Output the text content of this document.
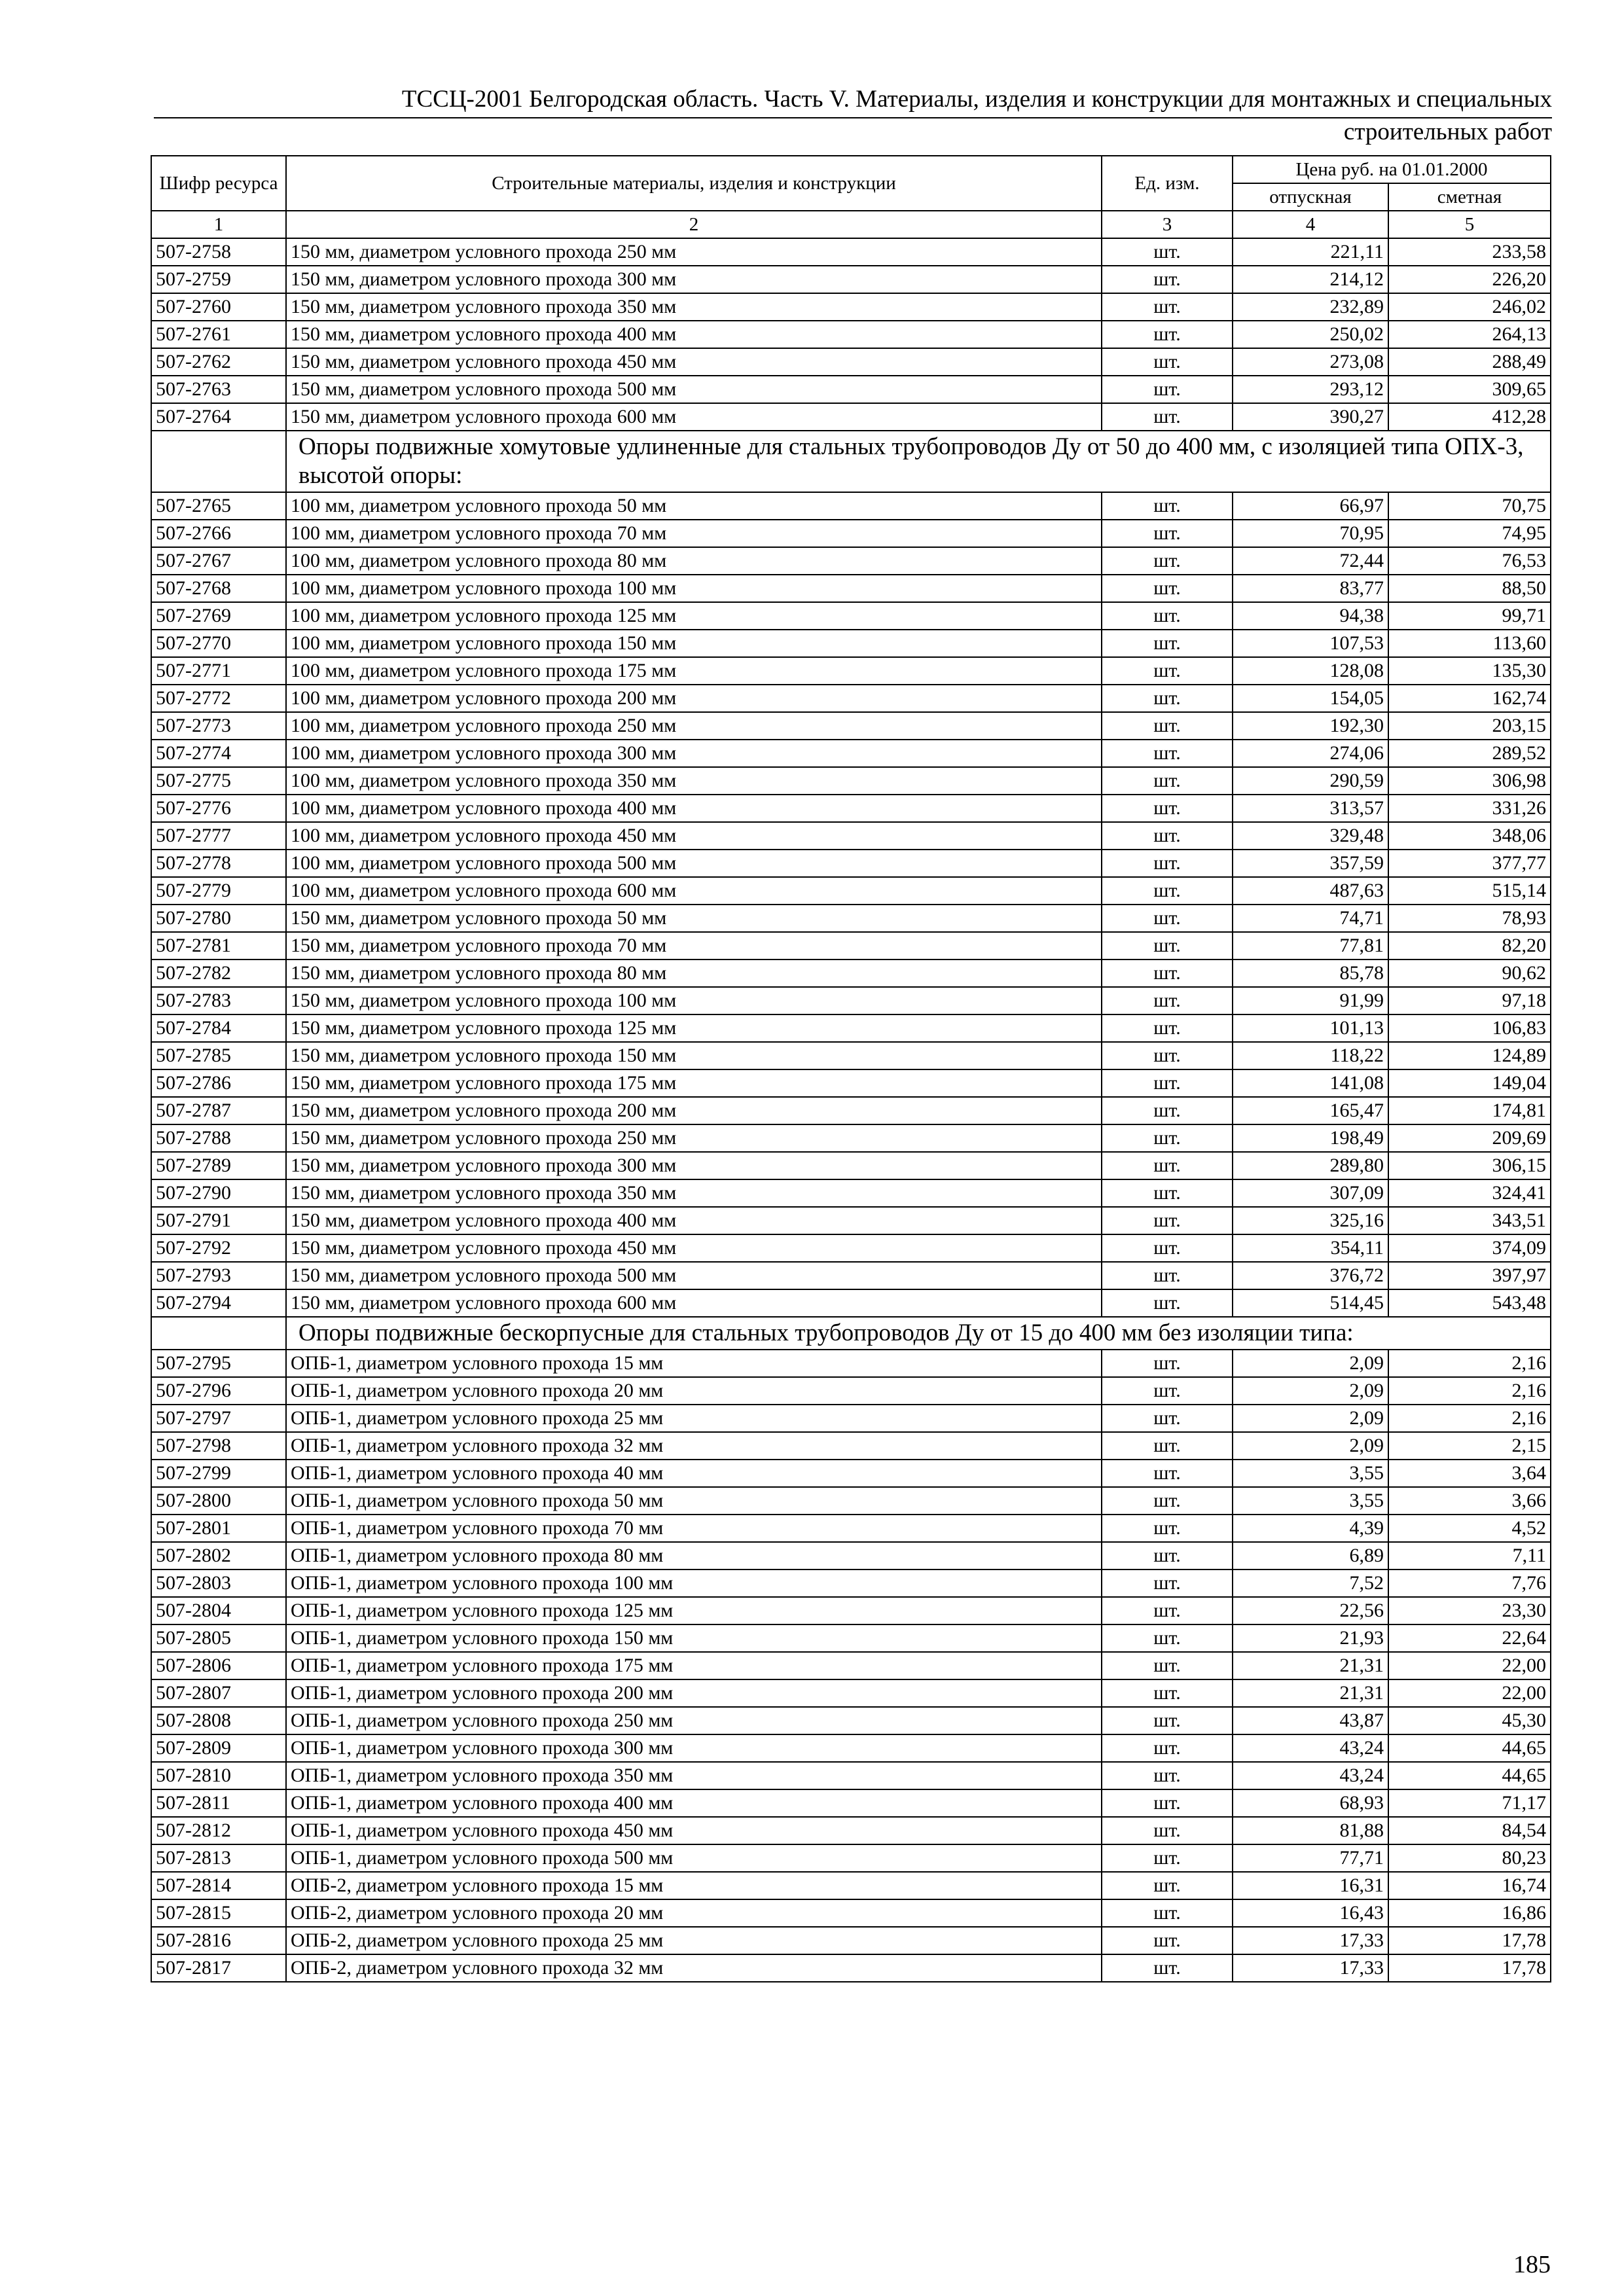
ТССЦ-2001 Белгородская область. Часть V. Материалы, изделия и конструкции для монтажных и специальных
строительных работ
Шифр ресурса	Строительные материалы, изделия и конструкции	Ед. изм.	Цена руб. на 01.01.2000	
			отпускная	сметная
1	2	3	4	5
507-2758	150 мм, диаметром условного прохода 250 мм	шт.	221,11	233,58
507-2759	150 мм, диаметром условного прохода 300 мм	шт.	214,12	226,20
507-2760	150 мм, диаметром условного прохода 350 мм	шт.	232,89	246,02
507-2761	150 мм, диаметром условного прохода 400 мм	шт.	250,02	264,13
507-2762	150 мм, диаметром условного прохода 450 мм	шт.	273,08	288,49
507-2763	150 мм, диаметром условного прохода 500 мм	шт.	293,12	309,65
507-2764	150 мм, диаметром условного прохода 600 мм	шт.	390,27	412,28
	Опоры подвижные хомутовые удлиненные для стальных трубопроводов Ду от 50 до 400 мм, с изоляцией типа ОПХ-3, высотой опоры:			
507-2765	100 мм, диаметром условного прохода 50 мм	шт.	66,97	70,75
507-2766	100 мм, диаметром условного прохода 70 мм	шт.	70,95	74,95
507-2767	100 мм, диаметром условного прохода 80 мм	шт.	72,44	76,53
507-2768	100 мм, диаметром условного прохода 100 мм	шт.	83,77	88,50
507-2769	100 мм, диаметром условного прохода 125 мм	шт.	94,38	99,71
507-2770	100 мм, диаметром условного прохода 150 мм	шт.	107,53	113,60
507-2771	100 мм, диаметром условного прохода 175 мм	шт.	128,08	135,30
507-2772	100 мм, диаметром условного прохода 200 мм	шт.	154,05	162,74
507-2773	100 мм, диаметром условного прохода 250 мм	шт.	192,30	203,15
507-2774	100 мм, диаметром условного прохода 300 мм	шт.	274,06	289,52
507-2775	100 мм, диаметром условного прохода 350 мм	шт.	290,59	306,98
507-2776	100 мм, диаметром условного прохода 400 мм	шт.	313,57	331,26
507-2777	100 мм, диаметром условного прохода 450 мм	шт.	329,48	348,06
507-2778	100 мм, диаметром условного прохода 500 мм	шт.	357,59	377,77
507-2779	100 мм, диаметром условного прохода 600 мм	шт.	487,63	515,14
507-2780	150 мм, диаметром условного прохода 50 мм	шт.	74,71	78,93
507-2781	150 мм, диаметром условного прохода 70 мм	шт.	77,81	82,20
507-2782	150 мм, диаметром условного прохода 80 мм	шт.	85,78	90,62
507-2783	150 мм, диаметром условного прохода 100 мм	шт.	91,99	97,18
507-2784	150 мм, диаметром условного прохода 125 мм	шт.	101,13	106,83
507-2785	150 мм, диаметром условного прохода 150 мм	шт.	118,22	124,89
507-2786	150 мм, диаметром условного прохода 175 мм	шт.	141,08	149,04
507-2787	150 мм, диаметром условного прохода 200 мм	шт.	165,47	174,81
507-2788	150 мм, диаметром условного прохода 250 мм	шт.	198,49	209,69
507-2789	150 мм, диаметром условного прохода 300 мм	шт.	289,80	306,15
507-2790	150 мм, диаметром условного прохода 350 мм	шт.	307,09	324,41
507-2791	150 мм, диаметром условного прохода 400 мм	шт.	325,16	343,51
507-2792	150 мм, диаметром условного прохода 450 мм	шт.	354,11	374,09
507-2793	150 мм, диаметром условного прохода 500 мм	шт.	376,72	397,97
507-2794	150 мм, диаметром условного прохода 600 мм	шт.	514,45	543,48
	Опоры подвижные бескорпусные для стальных трубопроводов Ду от 15 до 400 мм без изоляции типа:			
507-2795	ОПБ-1, диаметром условного прохода 15 мм	шт.	2,09	2,16
507-2796	ОПБ-1, диаметром условного прохода 20 мм	шт.	2,09	2,16
507-2797	ОПБ-1, диаметром условного прохода 25 мм	шт.	2,09	2,16
507-2798	ОПБ-1, диаметром условного прохода 32 мм	шт.	2,09	2,15
507-2799	ОПБ-1, диаметром условного прохода 40 мм	шт.	3,55	3,64
507-2800	ОПБ-1, диаметром условного прохода 50 мм	шт.	3,55	3,66
507-2801	ОПБ-1, диаметром условного прохода 70 мм	шт.	4,39	4,52
507-2802	ОПБ-1, диаметром условного прохода 80 мм	шт.	6,89	7,11
507-2803	ОПБ-1, диаметром условного прохода 100 мм	шт.	7,52	7,76
507-2804	ОПБ-1, диаметром условного прохода 125 мм	шт.	22,56	23,30
507-2805	ОПБ-1, диаметром условного прохода 150 мм	шт.	21,93	22,64
507-2806	ОПБ-1, диаметром условного прохода 175 мм	шт.	21,31	22,00
507-2807	ОПБ-1, диаметром условного прохода 200 мм	шт.	21,31	22,00
507-2808	ОПБ-1, диаметром условного прохода 250 мм	шт.	43,87	45,30
507-2809	ОПБ-1, диаметром условного прохода 300 мм	шт.	43,24	44,65
507-2810	ОПБ-1, диаметром условного прохода 350 мм	шт.	43,24	44,65
507-2811	ОПБ-1, диаметром условного прохода 400 мм	шт.	68,93	71,17
507-2812	ОПБ-1, диаметром условного прохода 450 мм	шт.	81,88	84,54
507-2813	ОПБ-1, диаметром условного прохода 500 мм	шт.	77,71	80,23
507-2814	ОПБ-2, диаметром условного прохода 15 мм	шт.	16,31	16,74
507-2815	ОПБ-2, диаметром условного прохода 20 мм	шт.	16,43	16,86
507-2816	ОПБ-2, диаметром условного прохода 25 мм	шт.	17,33	17,78
507-2817	ОПБ-2, диаметром условного прохода 32 мм	шт.	17,33	17,78
185
